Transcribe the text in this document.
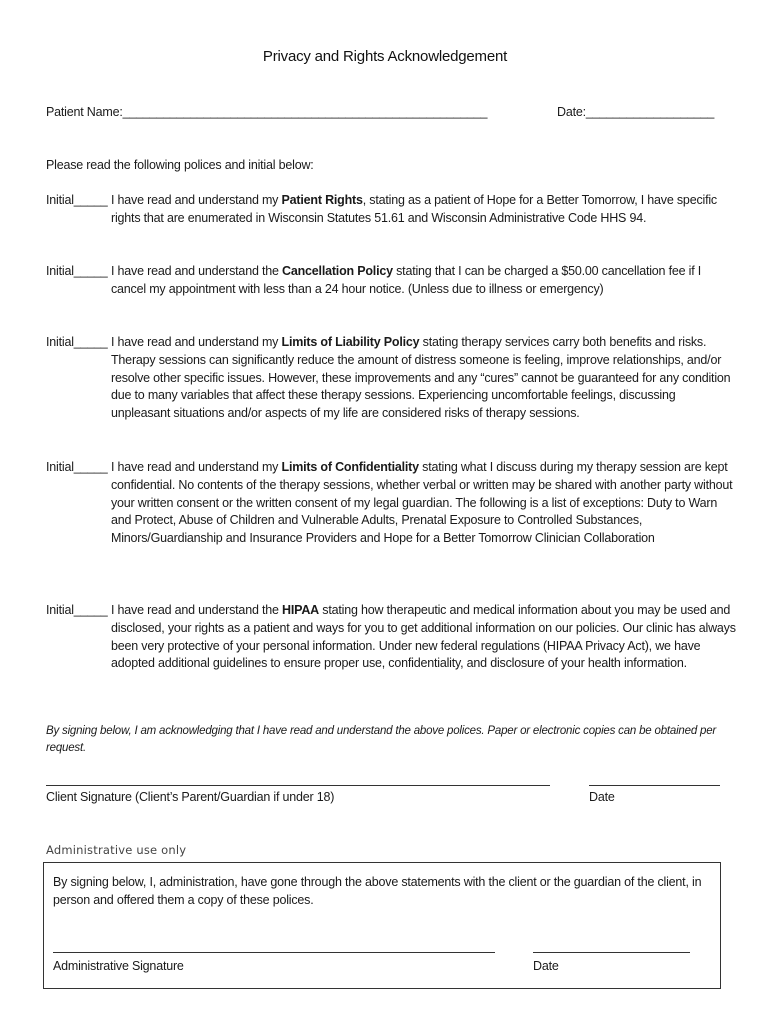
Privacy and Rights Acknowledgement
Patient Name:______________________________________________________	Date:___________________
Please read the following polices and initial below:
Initial_____ I have read and understand my Patient Rights, stating as a patient of Hope for a Better Tomorrow, I have specific rights that are enumerated in Wisconsin Statutes 51.61 and Wisconsin Administrative Code HHS 94.
Initial_____ I have read and understand the Cancellation Policy stating that I can be charged a $50.00 cancellation fee if I cancel my appointment with less than a 24 hour notice. (Unless due to illness or emergency)
Initial_____ I have read and understand my Limits of Liability Policy stating therapy services carry both benefits and risks. Therapy sessions can significantly reduce the amount of distress someone is feeling, improve relationships, and/or resolve other specific issues. However, these improvements and any “cures” cannot be guaranteed for any condition due to many variables that affect these therapy sessions. Experiencing uncomfortable feelings, discussing unpleasant situations and/or aspects of my life are considered risks of therapy sessions.
Initial_____ I have read and understand my Limits of Confidentiality stating what I discuss during my therapy session are kept confidential. No contents of the therapy sessions, whether verbal or written may be shared with another party without your written consent or the written consent of my legal guardian. The following is a list of exceptions: Duty to Warn and Protect, Abuse of Children and Vulnerable Adults, Prenatal Exposure to Controlled Substances, Minors/Guardianship and Insurance Providers and Hope for a Better Tomorrow Clinician Collaboration
Initial_____ I have read and understand the HIPAA stating how therapeutic and medical information about you may be used and disclosed, your rights as a patient and ways for you to get additional information on our policies. Our clinic has always been very protective of your personal information. Under new federal regulations (HIPAA Privacy Act), we have adopted additional guidelines to ensure proper use, confidentiality, and disclosure of your health information.
By signing below, I am acknowledging that I have read and understand the above polices. Paper or electronic copies can be obtained per request.
Client Signature (Client’s Parent/Guardian if under 18)	Date
Administrative use only
By signing below, I, administration, have gone through the above statements with the client or the guardian of the client, in person and offered them a copy of these polices.
Administrative Signature	Date
